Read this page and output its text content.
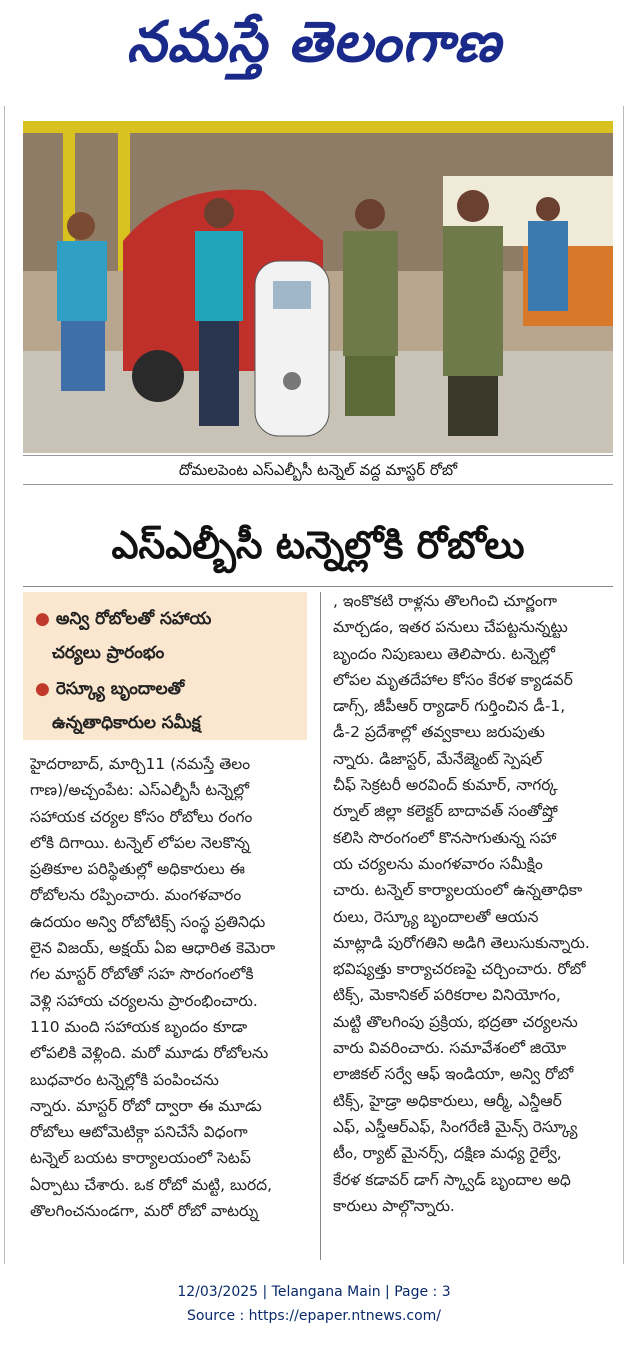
నమస్తే తెలంగాణ
దోమలపెంట ఎస్ఎల్బీసీ టన్నెల్ వద్ద మాస్టర్ రోబో
ఎస్ఎల్బీసీ టన్నెల్లోకి రోబోలు
● అన్వి రోబోలతో సహాయ
చర్యలు ప్రారంభం
● రెస్క్యూ బృందాలతో
ఉన్నతాధికారుల సమీక్ష
హైదరాబాద్, మార్చి11 (నమస్తే తెలం
గాణ)/అచ్చంపేట: ఎస్ఎల్బీసీ టన్నెల్లో
సహాయక చర్యల కోసం రోబోలు రంగం
లోకి దిగాయి. టన్నెల్ లోపల నెలకొన్న
ప్రతికూల పరిస్థితుల్లో అధికారులు ఈ
రోబోలను రప్పించారు. మంగళవారం
ఉదయం అన్వి రోబోటిక్స్ సంస్థ ప్రతినిధు
లైన విజయ్, అక్షయ్ ఏఐ ఆధారిత కెమెరా
గల మాస్టర్ రోబోతో సహ సొరంగంలోకి
వెళ్లి సహాయ చర్యలను ప్రారంభించారు.
110 మంది సహాయక బృందం కూడా
లోపలికి వెళ్లింది. మరో మూడు రోబోలను
బుధవారం టన్నెల్లోకి పంపించను
న్నారు. మాస్టర్ రోబో ద్వారా ఈ మూడు
రోబోలు ఆటోమెటిక్గా పనిచేసే విధంగా
టన్నెల్ బయట కార్యాలయంలో సెటప్
ఏర్పాటు చేశారు. ఒక రోబో మట్టి, బురద,
తొలగించనుండగా, మరో రోబో వాటర్ను
, ఇంకొకటి రాళ్లను తొలగించి చూర్ణంగా
మార్చడం, ఇతర పనులు చేపట్టనున్నట్టు
బృందం నిపుణులు తెలిపారు. టన్నెల్లో
లోపల మృతదేహాల కోసం కేరళ క్యాడవర్
డాగ్స్, జీపీఆర్ ర్యాడార్ గుర్తించిన డీ-1,
డీ-2 ప్రదేశాల్లో తవ్వకాలు జరుపుతు
న్నారు. డిజాస్టర్, మేనేజ్మెంట్ స్పెషల్
చీఫ్ సెక్రటరీ అరవింద్ కుమార్, నాగర్క
ర్నూల్ జిల్లా కలెక్టర్ బాదావత్ సంతోష్తో
కలిసి సొరంగంలో కొనసాగుతున్న సహా
య చర్యలను మంగళవారం సమీక్షిం
చారు. టన్నెల్ కార్యాలయంలో ఉన్నతాధికా
రులు, రెస్క్యూ బృందాలతో ఆయన
మాట్లాడి పురోగతిని అడిగి తెలుసుకున్నారు.
భవిష్యత్తు కార్యాచరణపై చర్చించారు. రోబో
టిక్స్, మెకానికల్ పరికరాల వినియోగం,
మట్టి తొలగింపు ప్రక్రియ, భద్రతా చర్యలను
వారు వివరించారు. సమావేశంలో జియో
లాజికల్ సర్వే ఆఫ్ ఇండియా, అన్వి రోబో
టిక్స్, హైడ్రా అధికారులు, ఆర్మీ, ఎన్డీఆర్
ఎఫ్, ఎస్డీఆర్ఎఫ్, సింగరేణి మైన్స్ రెస్క్యూ
టీం, ర్యాట్ మైనర్స్, దక్షిణ మధ్య రైల్వే,
కేరళ కడావర్ డాగ్ స్క్వాడ్ బృందాల అధి
కారులు పాల్గొన్నారు.
12/03/2025 | Telangana Main | Page : 3
Source : https://epaper.ntnews.com/
